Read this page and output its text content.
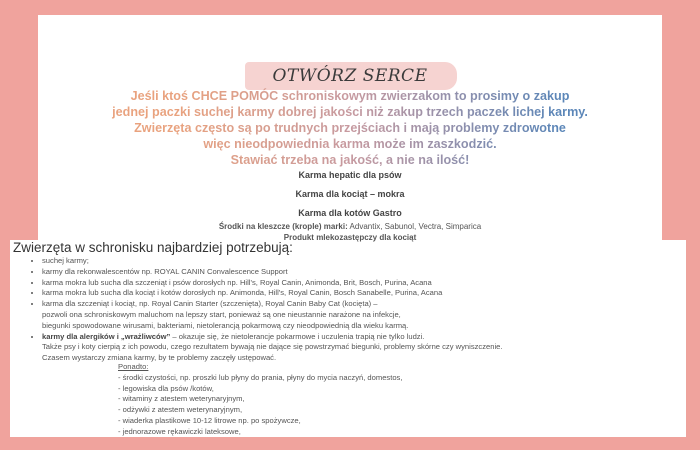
OTWÓRZ SERCE
Jeśli ktoś CHCE POMÓC schroniskowym zwierzakom to prosimy o zakup
jednej paczki suchej karmy dobrej jakości niż zakup trzech paczek lichej karmy.
Zwierzęta często są po trudnych przejściach i mają problemy zdrowotne
więc nieodpowiednia karma może im zaszkodzić.
Stawiać trzeba na jakość, a nie na ilość!
Karma hepatic dla psów
Karma dla kociąt – mokra
Karma dla kotów Gastro
Środki na kleszcze (krople) marki: Advantix, Sabunol, Vectra, Simparica
Produkt mlekozastępczy dla kociąt
Zwierzęta w schronisku najbardziej potrzebują:
• suchej karmy;
• karmy dla rekonwalescentów np. ROYAL CANIN Convalescence Support
• karma mokra lub sucha dla szczeniąt i psów dorosłych np. Hill's, Royal Canin, Animonda, Brit, Bosch, Purina, Acana
• karma mokra lub sucha dla kociąt i kotów dorosłych np. Animonda, Hill's, Royal Canin, Bosch Sanabelle, Purina, Acana
• karma dla szczeniąt i kociąt, np. Royal Canin Starter (szczenięta), Royal Canin Baby Cat (kocięta) –
pozwoli ona schroniskowym maluchom na lepszy start, ponieważ są one nieustannie narażone na infekcje,
biegunki spowodowane wirusami, bakteriami, nietolerancją pokarmową czy nieodpowiednią dla wieku karmą.
• karmy dla alergików i „wrażliwców” – okazuje się, że nietolerancje pokarmowe i uczulenia trapią nie tylko ludzi.
Także psy i koty cierpią z ich powodu, czego rezultatem bywają nie dające się powstrzymać biegunki, problemy skórne czy wyniszczenie.
Czasem wystarczy zmiana karmy, by te problemy zaczęły ustępować.
Ponadto:
- środki czystości, np. proszki lub płyny do prania, płyny do mycia naczyń, domestos,
- legowiska dla psów /kotów,
- witaminy z atestem weterynaryjnym,
- odżywki z atestem weterynaryjnym,
- wiaderka plastikowe 10-12 litrowe np. po spożywcze,
- jednorazowe rękawiczki lateksowe,
